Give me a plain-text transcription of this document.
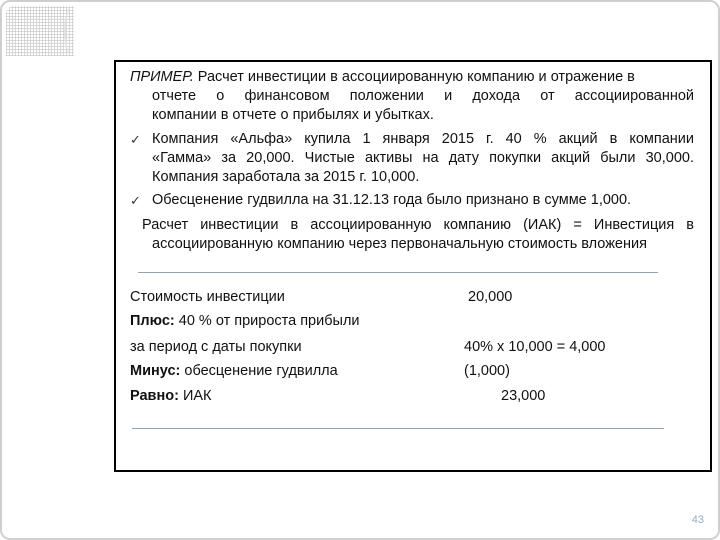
ПРИМЕР. Расчет инвестиции в ассоциированную компанию и отражение в
отчете о финансовом положении и дохода от ассоциированной
компании в отчете о прибылях и убытках.
✓ Компания «Альфа» купила 1 января 2015 г. 40 % акций в компании
«Гамма» за 20,000. Чистые активы на дату покупки акций были 30,000.
Компания заработала за 2015 г. 10,000.
✓ Обесценение гудвилла на 31.12.13 года было признано в сумме 1,000.
Расчет инвестиции в ассоциированную компанию (ИАК) = Инвестиция в
ассоциированную компанию через первоначальную стоимость вложения
Стоимость инвестиции	20,000
Плюс: 40 % от прироста прибыли
за период с даты покупки	40% x 10,000 = 4,000
Минус: обесценение гудвилла	(1,000)
Равно: ИАК	23,000
43
